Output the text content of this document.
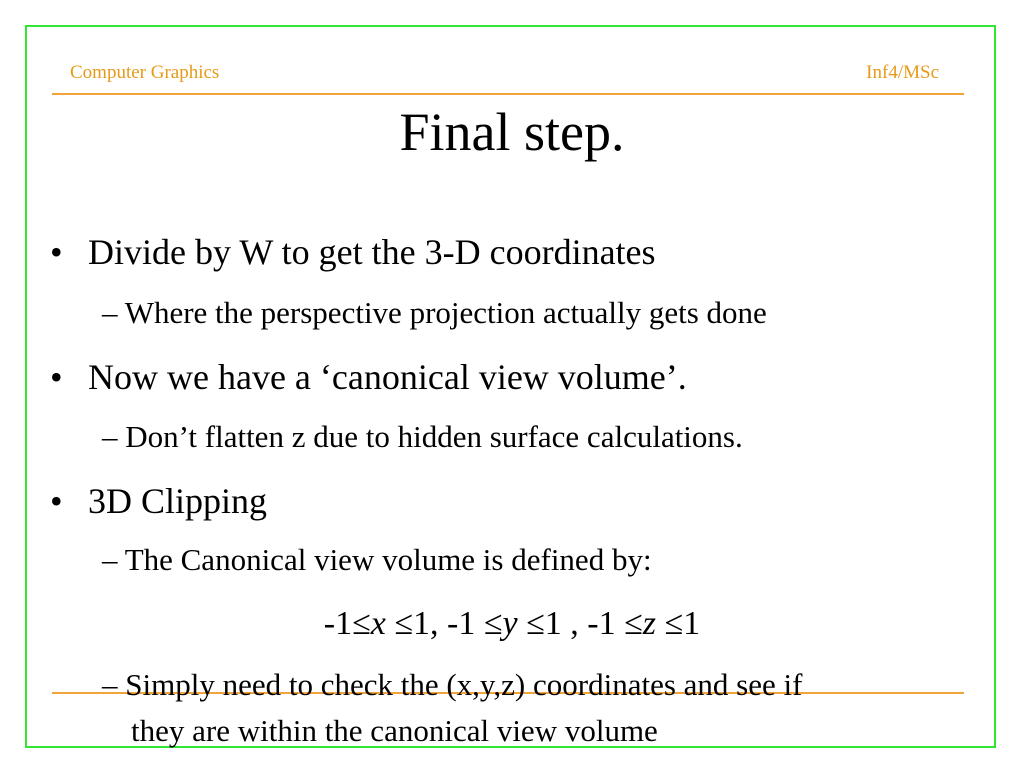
Computer Graphics	Inf4/MSc
Final step.
• Divide by W to get the 3-D coordinates
– Where the perspective projection actually gets done
• Now we have a ‘canonical view volume’.
– Don’t flatten z due to hidden surface calculations.
• 3D Clipping
– The Canonical view volume is defined by:
-1≤x ≤1, -1 ≤y ≤1 , -1 ≤z ≤1
– Simply need to check the (x,y,z) coordinates and see if
they are within the canonical view volume
